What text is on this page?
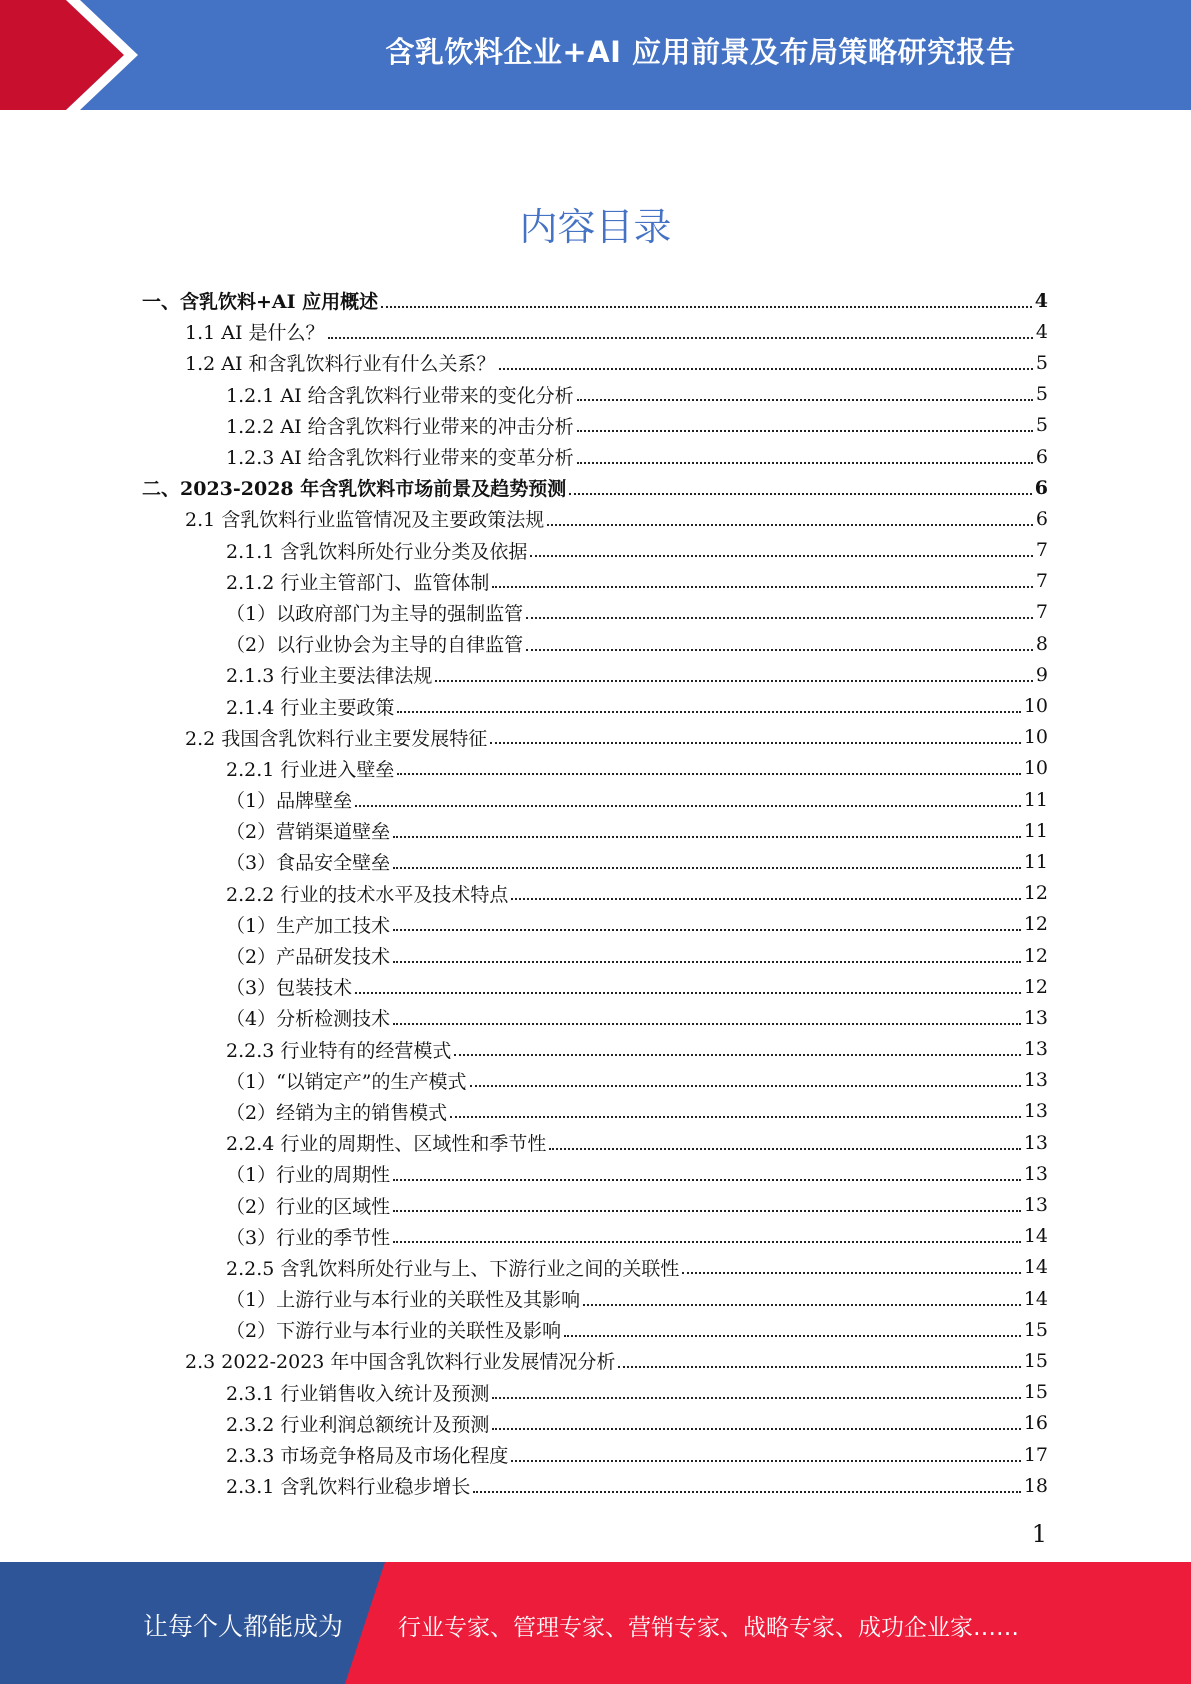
含乳饮料企业+AI 应用前景及布局策略研究报告
内容目录
一、含乳饮料+AI 应用概述	4
1.1 AI 是什么？	4
1.2 AI 和含乳饮料行业有什么关系？	5
1.2.1 AI 给含乳饮料行业带来的变化分析	5
1.2.2 AI 给含乳饮料行业带来的冲击分析	5
1.2.3 AI 给含乳饮料行业带来的变革分析	6
二、2023-2028 年含乳饮料市场前景及趋势预测	6
2.1 含乳饮料行业监管情况及主要政策法规	6
2.1.1 含乳饮料所处行业分类及依据	7
2.1.2 行业主管部门、监管体制	7
（1）以政府部门为主导的强制监管	7
（2）以行业协会为主导的自律监管	8
2.1.3 行业主要法律法规	9
2.1.4 行业主要政策	10
2.2 我国含乳饮料行业主要发展特征	10
2.2.1 行业进入壁垒	10
（1）品牌壁垒	11
（2）营销渠道壁垒	11
（3）食品安全壁垒	11
2.2.2 行业的技术水平及技术特点	12
（1）生产加工技术	12
（2）产品研发技术	12
（3）包装技术	12
（4）分析检测技术	13
2.2.3 行业特有的经营模式	13
（1）“以销定产”的生产模式	13
（2）经销为主的销售模式	13
2.2.4 行业的周期性、区域性和季节性	13
（1）行业的周期性	13
（2）行业的区域性	13
（3）行业的季节性	14
2.2.5 含乳饮料所处行业与上、下游行业之间的关联性	14
（1）上游行业与本行业的关联性及其影响	14
（2）下游行业与本行业的关联性及影响	15
2.3 2022-2023 年中国含乳饮料行业发展情况分析	15
2.3.1 行业销售收入统计及预测	15
2.3.2 行业利润总额统计及预测	16
2.3.3 市场竞争格局及市场化程度	17
2.3.1 含乳饮料行业稳步增长	18
1
让每个人都能成为 行业专家、管理专家、营销专家、战略专家、成功企业家……
